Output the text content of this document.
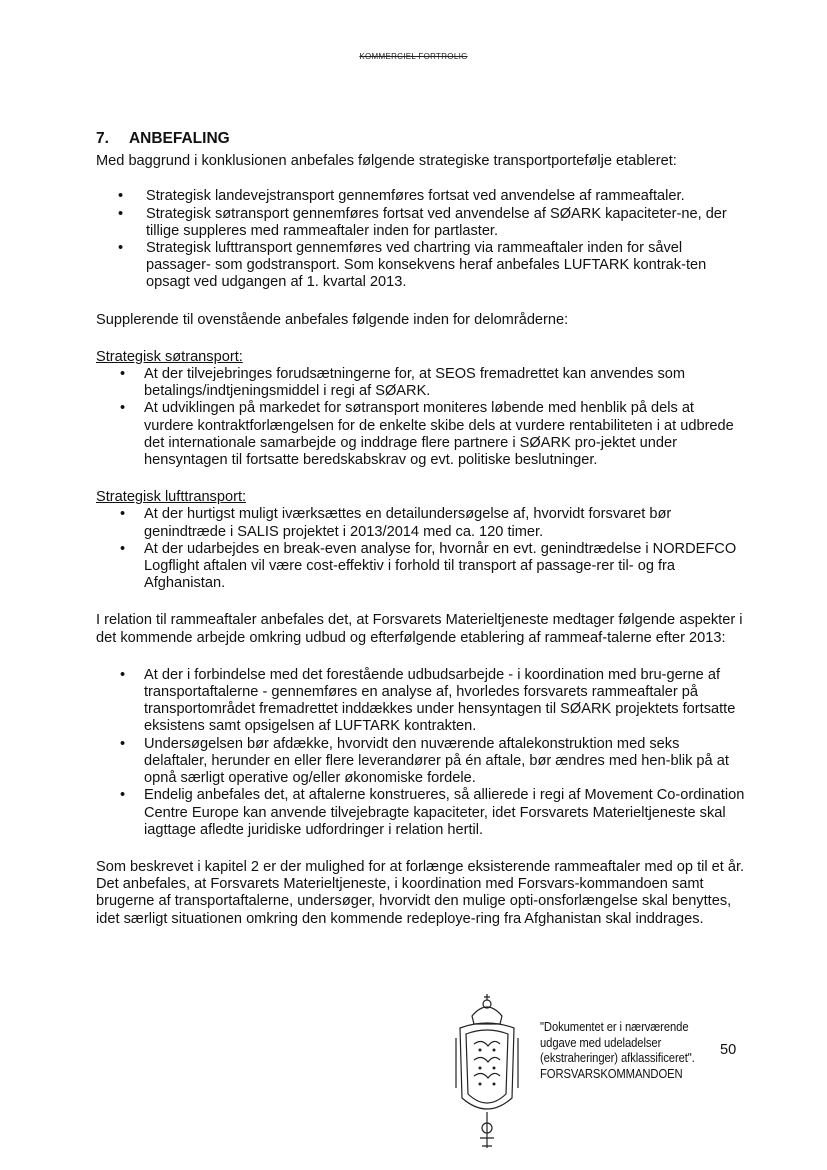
KOMMERCIEL FORTROLIG
7. ANBEFALING

Med baggrund i konklusionen anbefales følgende strategiske transportportefølje etableret:

• Strategisk landevejstransport gennemføres fortsat ved anvendelse af rammeaftaler.
• Strategisk søtransport gennemføres fortsat ved anvendelse af SØARK kapaciteter-ne, der tillige suppleres med rammeaftaler inden for partlaster.
• Strategisk lufttransport gennemføres ved chartring via rammeaftaler inden for såvel passager- som godstransport. Som konsekvens heraf anbefales LUFTARK kontrak-ten opsagt ved udgangen af 1. kvartal 2013.

Supplerende til ovenstående anbefales følgende inden for delområderne:

Strategisk søtransport:

• At der tilvejebringes forudsætningerne for, at SEOS fremadrettet kan anvendes som betalings/indtjeningsmiddel i regi af SØARK.
• At udviklingen på markedet for søtransport moniteres løbende med henblik på dels at vurdere kontraktforlængelsen for de enkelte skibe dels at vurdere rentabiliteten i at udbrede det internationale samarbejde og inddrage flere partnere i SØARK pro-jektet under hensyntagen til fortsatte beredskabskrav og evt. politiske beslutninger.

Strategisk lufttransport:

• At der hurtigst muligt iværksættes en detailundersøgelse af, hvorvidt forsvaret bør genindtræde i SALIS projektet i 2013/2014 med ca. 120 timer.
• At der udarbejdes en break-even analyse for, hvornår en evt. genindtrædelse i NORDEFCO Logflight aftalen vil være cost-effektiv i forhold til transport af passage-rer til- og fra Afghanistan.

I relation til rammeaftaler anbefales det, at Forsvarets Materieltjeneste medtager følgende aspekter i det kommende arbejde omkring udbud og efterfølgende etablering af rammeaf-talerne efter 2013:

• At der i forbindelse med det forestående udbudsarbejde - i koordination med bru-gerne af transportaftalerne - gennemføres en analyse af, hvorledes forsvarets rammeaftaler på transportområdet fremadrettet inddækkes under hensyntagen til SØARK projektets fortsatte eksistens samt opsigelsen af LUFTARK kontrakten.
• Undersøgelsen bør afdække, hvorvidt den nuværende aftalekonstruktion med seks delaftaler, herunder en eller flere leverandører på én aftale, bør ændres med hen-blik på at opnå særligt operative og/eller økonomiske fordele.
• Endelig anbefales det, at aftalerne konstrueres, så allierede i regi af Movement Co-ordination Centre Europe kan anvende tilvejebragte kapaciteter, idet Forsvarets Materieltjeneste skal iagttage afledte juridiske udfordringer i relation hertil.

Som beskrevet i kapitel 2 er der mulighed for at forlænge eksisterende rammeaftaler med op til et år. Det anbefales, at Forsvarets Materieltjeneste, i koordination med Forsvars-kommandoen samt brugerne af transportaftalerne, undersøger, hvorvidt den mulige opti-onsforlængelse skal benyttes, idet særligt situationen omkring den kommende redeploye-ring fra Afghanistan skal inddrages.

"Dokumentet er i nærværende
udgave med udeladelser
(ekstraheringer) afklassificeret".
FORSVARSKOMMANDOEN
50
